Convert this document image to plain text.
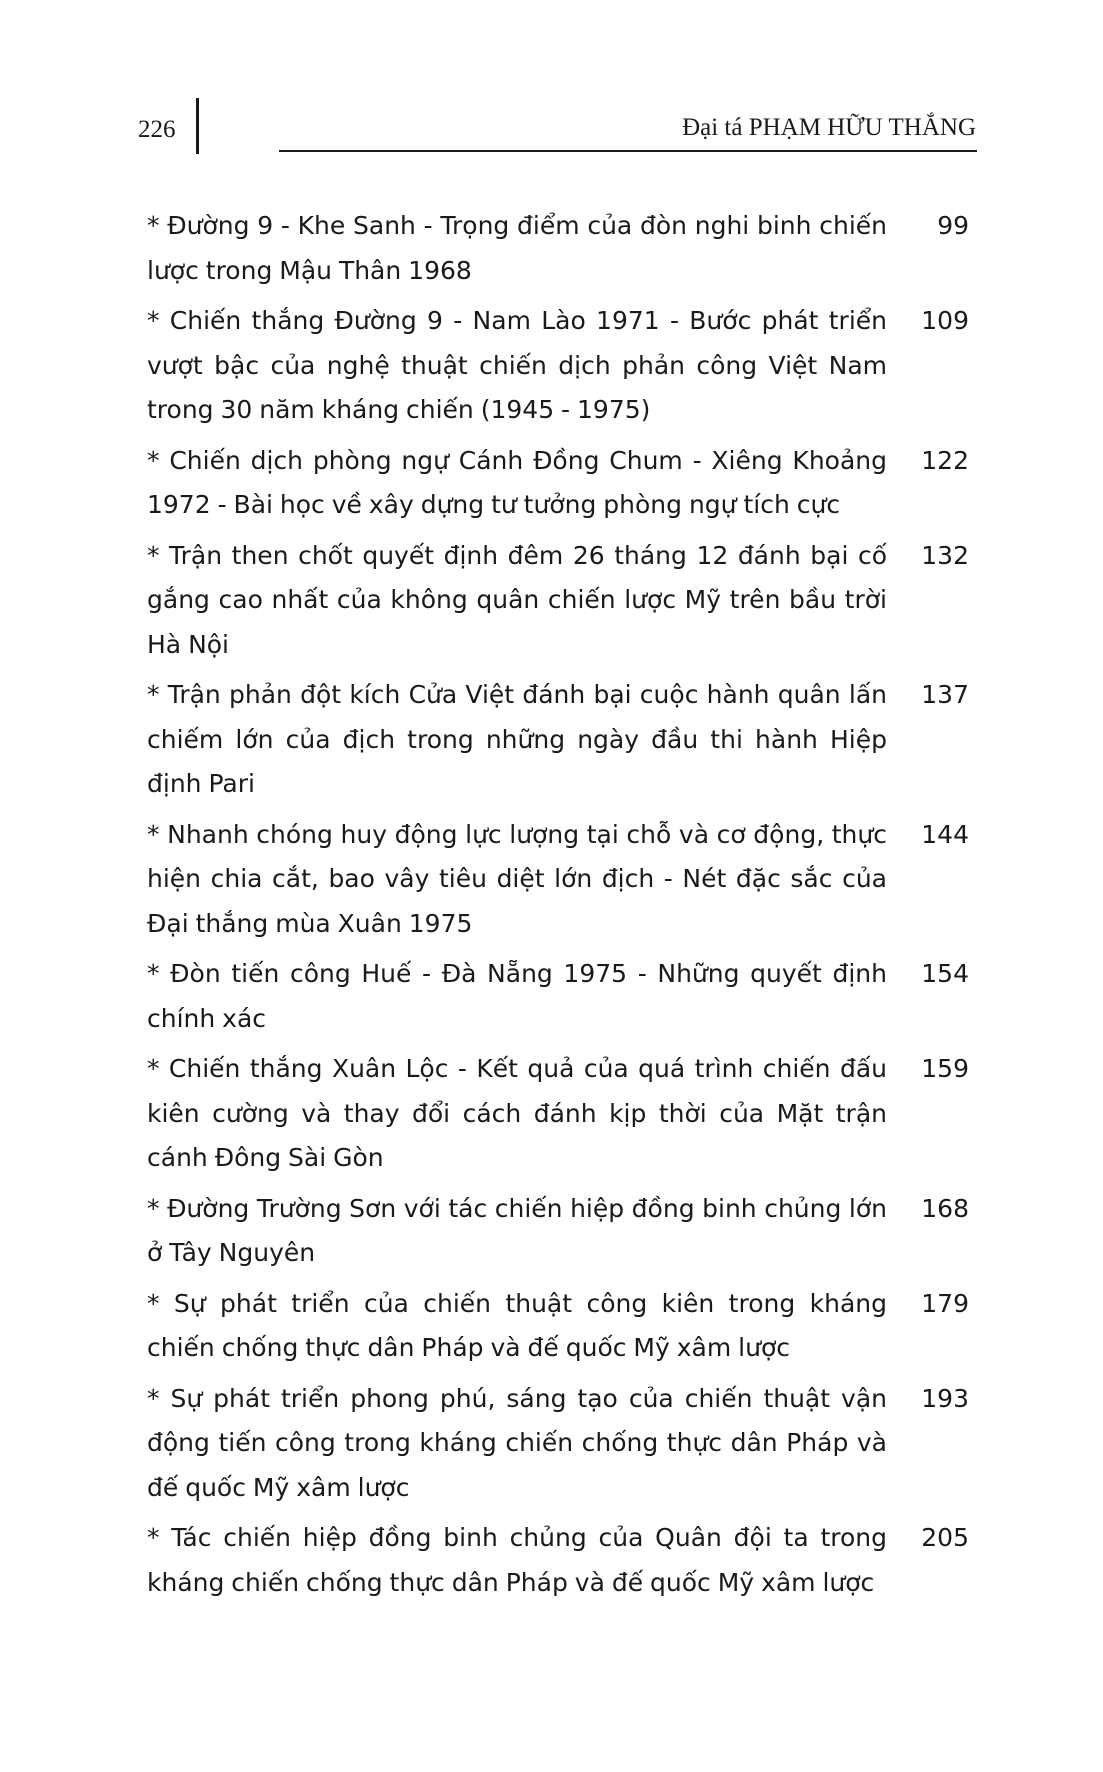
226	Đại tá PHẠM HỮU THẮNG
* Đường 9 - Khe Sanh - Trọng điểm của đòn nghi binh chiến lược trong Mậu Thân 1968
99
* Chiến thắng Đường 9 - Nam Lào 1971 - Bước phát triển vượt bậc của nghệ thuật chiến dịch phản công Việt Nam trong 30 năm kháng chiến (1945 - 1975)
109
* Chiến dịch phòng ngự Cánh Đồng Chum - Xiêng Khoảng 1972 - Bài học về xây dựng tư tưởng phòng ngự tích cực
122
* Trận then chốt quyết định đêm 26 tháng 12 đánh bại cố gắng cao nhất của không quân chiến lược Mỹ trên bầu trời Hà Nội
132
* Trận phản đột kích Cửa Việt đánh bại cuộc hành quân lấn chiếm lớn của địch trong những ngày đầu thi hành Hiệp định Pari
137
* Nhanh chóng huy động lực lượng tại chỗ và cơ động, thực hiện chia cắt, bao vây tiêu diệt lớn địch - Nét đặc sắc của Đại thắng mùa Xuân 1975
144
* Đòn tiến công Huế - Đà Nẵng 1975 - Những quyết định chính xác
154
* Chiến thắng Xuân Lộc - Kết quả của quá trình chiến đấu kiên cường và thay đổi cách đánh kịp thời của Mặt trận cánh Đông Sài Gòn
159
* Đường Trường Sơn với tác chiến hiệp đồng binh chủng lớn ở Tây Nguyên
168
* Sự phát triển của chiến thuật công kiên trong kháng chiến chống thực dân Pháp và đế quốc Mỹ xâm lược
179
* Sự phát triển phong phú, sáng tạo của chiến thuật vận động tiến công trong kháng chiến chống thực dân Pháp và đế quốc Mỹ xâm lược
193
* Tác chiến hiệp đồng binh chủng của Quân đội ta trong kháng chiến chống thực dân Pháp và đế quốc Mỹ xâm lược
205
